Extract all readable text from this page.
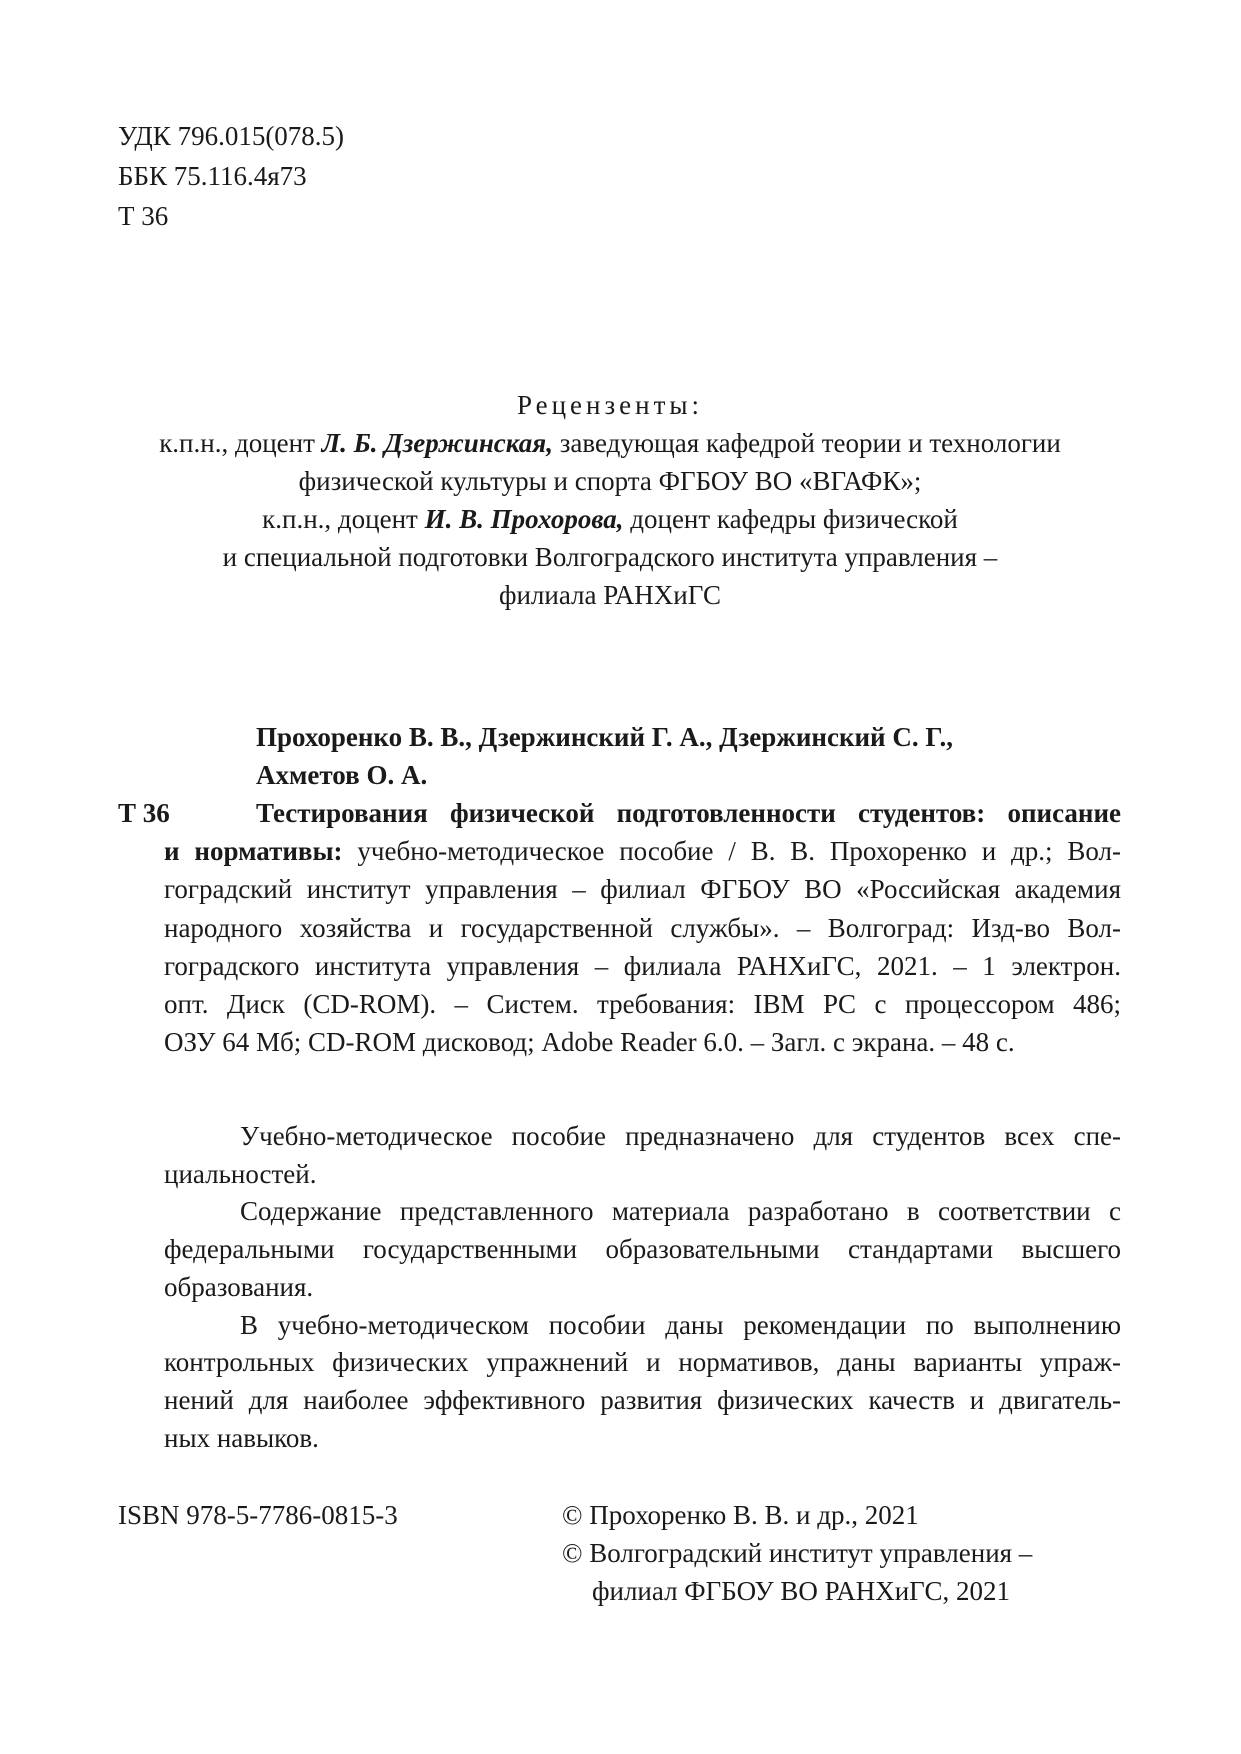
УДК 796.015(078.5)
ББК 75.116.4я73
Т 36
Рецензенты:
к.п.н., доцент Л. Б. Дзержинская, заведующая кафедрой теории и технологии
физической культуры и спорта ФГБОУ ВО «ВГАФК»;
к.п.н., доцент И. В. Прохорова, доцент кафедры физической
и специальной подготовки Волгоградского института управления –
филиала РАНХиГС
Прохоренко В. В., Дзержинский Г. А., Дзержинский С. Г.,
Ахметов О. А.
Т 36	Тестирования физической подготовленности студентов: описание
и нормативы: учебно-методическое пособие / В. В. Прохоренко и др.; Вол-
гоградский институт управления – филиал ФГБОУ ВО «Российская академия
народного хозяйства и государственной службы». – Волгоград: Изд-во Вол-
гоградского института управления – филиала РАНХиГС, 2021. – 1 электрон.
опт. Диск (CD-ROM). – Систем. требования: IBM PC с процессором 486;
ОЗУ 64 Мб; CD-ROM дисковод; Adobe Reader 6.0. – Загл. с экрана. – 48 с.
Учебно-методическое пособие предназначено для студентов всех спе-
циальностей.
Содержание представленного материала разработано в соответствии с
федеральными государственными образовательными стандартами высшего
образования.
В учебно-методическом пособии даны рекомендации по выполнению
контрольных физических упражнений и нормативов, даны варианты упраж-
нений для наиболее эффективного развития физических качеств и двигатель-
ных навыков.
ISBN 978-5-7786-0815-3	© Прохоренко В. В. и др., 2021
© Волгоградский институт управления –
филиал ФГБОУ ВО РАНХиГС, 2021
